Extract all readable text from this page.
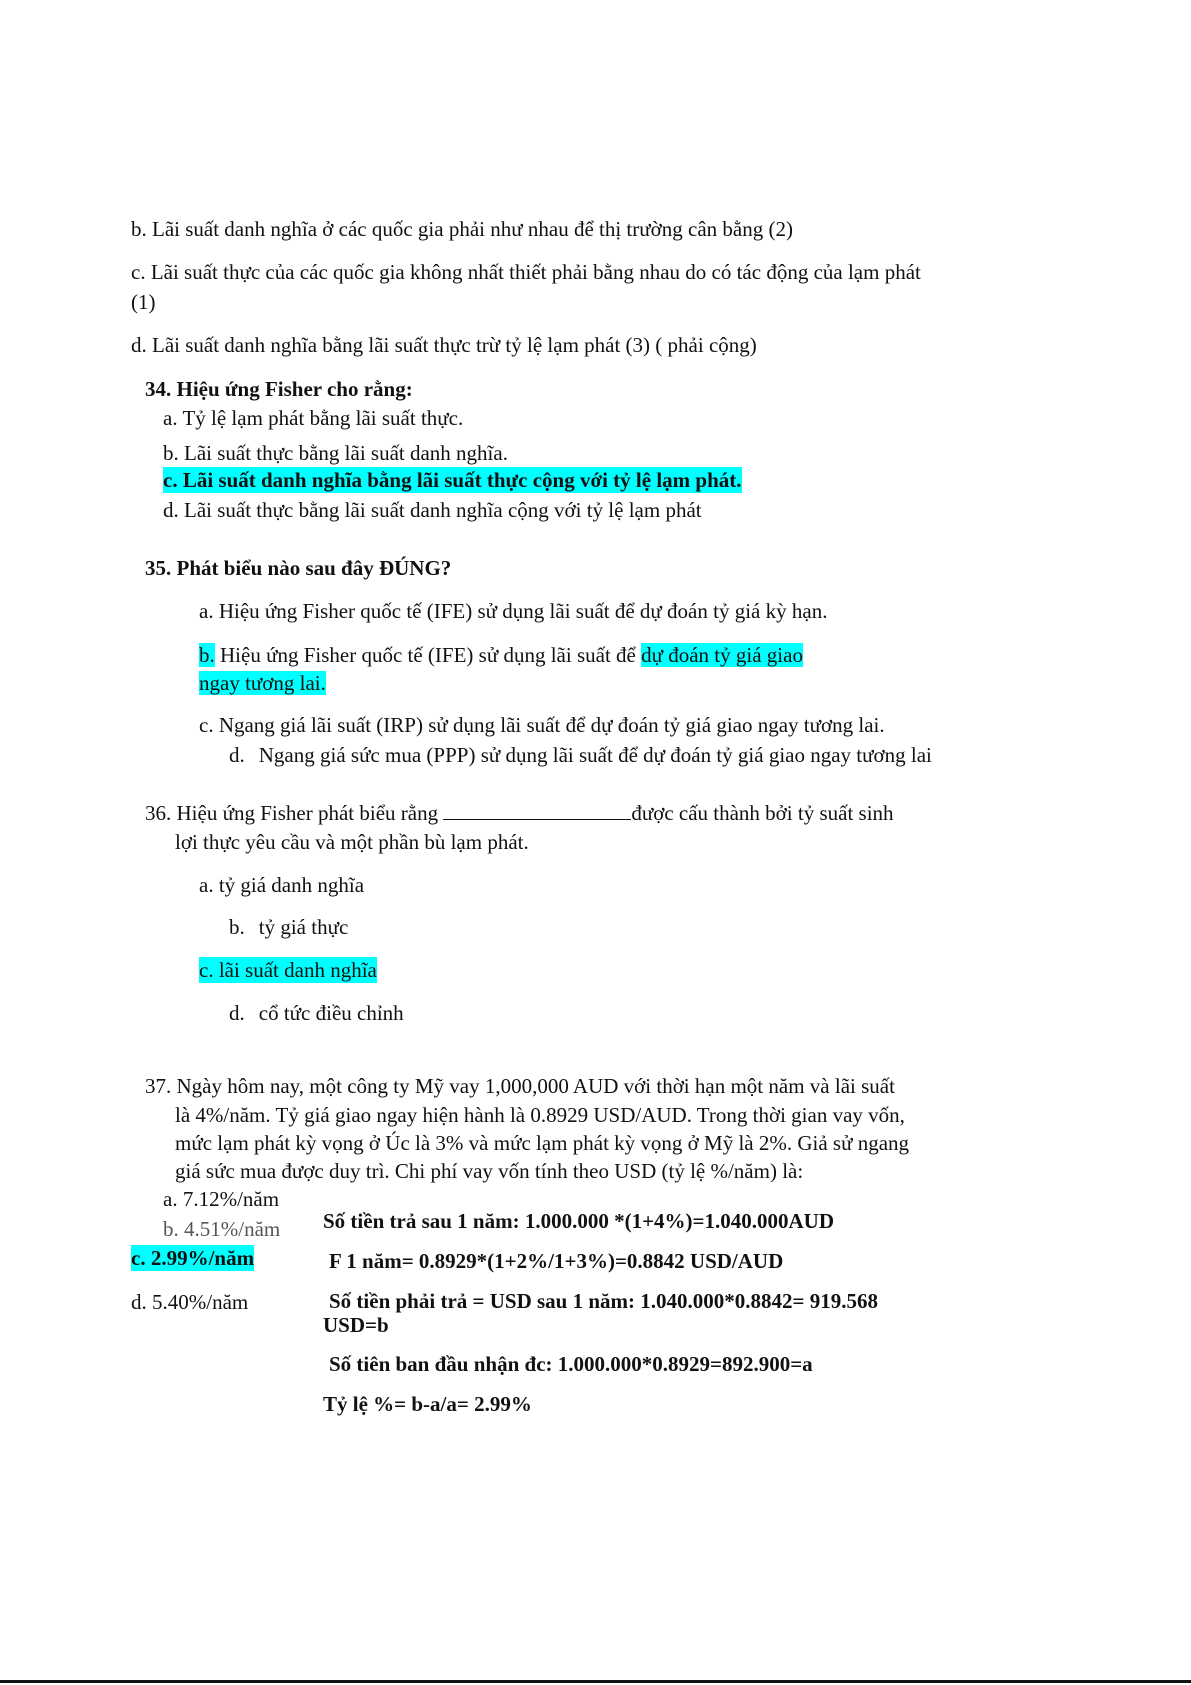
b. Lãi suất danh nghĩa ở các quốc gia phải như nhau để thị trường cân bằng (2)
c. Lãi suất thực của các quốc gia không nhất thiết phải bằng nhau do có tác động của lạm phát
(1)
d. Lãi suất danh nghĩa bằng lãi suất thực trừ tỷ lệ lạm phát (3) ( phải cộng)
34. Hiệu ứng Fisher cho rằng:
a. Tỷ lệ lạm phát bằng lãi suất thực.
b. Lãi suất thực bằng lãi suất danh nghĩa.
c. Lãi suất danh nghĩa bằng lãi suất thực cộng với tỷ lệ lạm phát.
d. Lãi suất thực bằng lãi suất danh nghĩa cộng với tỷ lệ lạm phát
35. Phát biểu nào sau đây ĐÚNG?
a. Hiệu ứng Fisher quốc tế (IFE) sử dụng lãi suất để dự đoán tỷ giá kỳ hạn.
b. Hiệu ứng Fisher quốc tế (IFE) sử dụng lãi suất để dự đoán tỷ giá giao
ngay tương lai.
c. Ngang giá lãi suất (IRP) sử dụng lãi suất để dự đoán tỷ giá giao ngay tương lai.
d. Ngang giá sức mua (PPP) sử dụng lãi suất để dự đoán tỷ giá giao ngay tương lai
36. Hiệu ứng Fisher phát biểu rằng	được cấu thành bởi tỷ suất sinh
lợi thực yêu cầu và một phần bù lạm phát.
a. tỷ giá danh nghĩa
b. tỷ giá thực
c. lãi suất danh nghĩa
d. cổ tức điều chỉnh
37. Ngày hôm nay, một công ty Mỹ vay 1,000,000 AUD với thời hạn một năm và lãi suất
là 4%/năm. Tỷ giá giao ngay hiện hành là 0.8929 USD/AUD. Trong thời gian vay vốn,
mức lạm phát kỳ vọng ở Úc là 3% và mức lạm phát kỳ vọng ở Mỹ là 2%. Giả sử ngang
giá sức mua được duy trì. Chi phí vay vốn tính theo USD (tỷ lệ %/năm) là:
a. 7.12%/năm
b. 4.51%/năm
c. 2.99%/năm
d. 5.40%/năm
Số tiền trả sau 1 năm: 1.000.000 *(1+4%)=1.040.000AUD
F 1 năm= 0.8929*(1+2%/1+3%)=0.8842 USD/AUD
Số tiền phải trả = USD sau 1 năm: 1.040.000*0.8842= 919.568
USD=b
Số tiên ban đầu nhận đc: 1.000.000*0.8929=892.900=a
Tỷ lệ %= b-a/a= 2.99%
